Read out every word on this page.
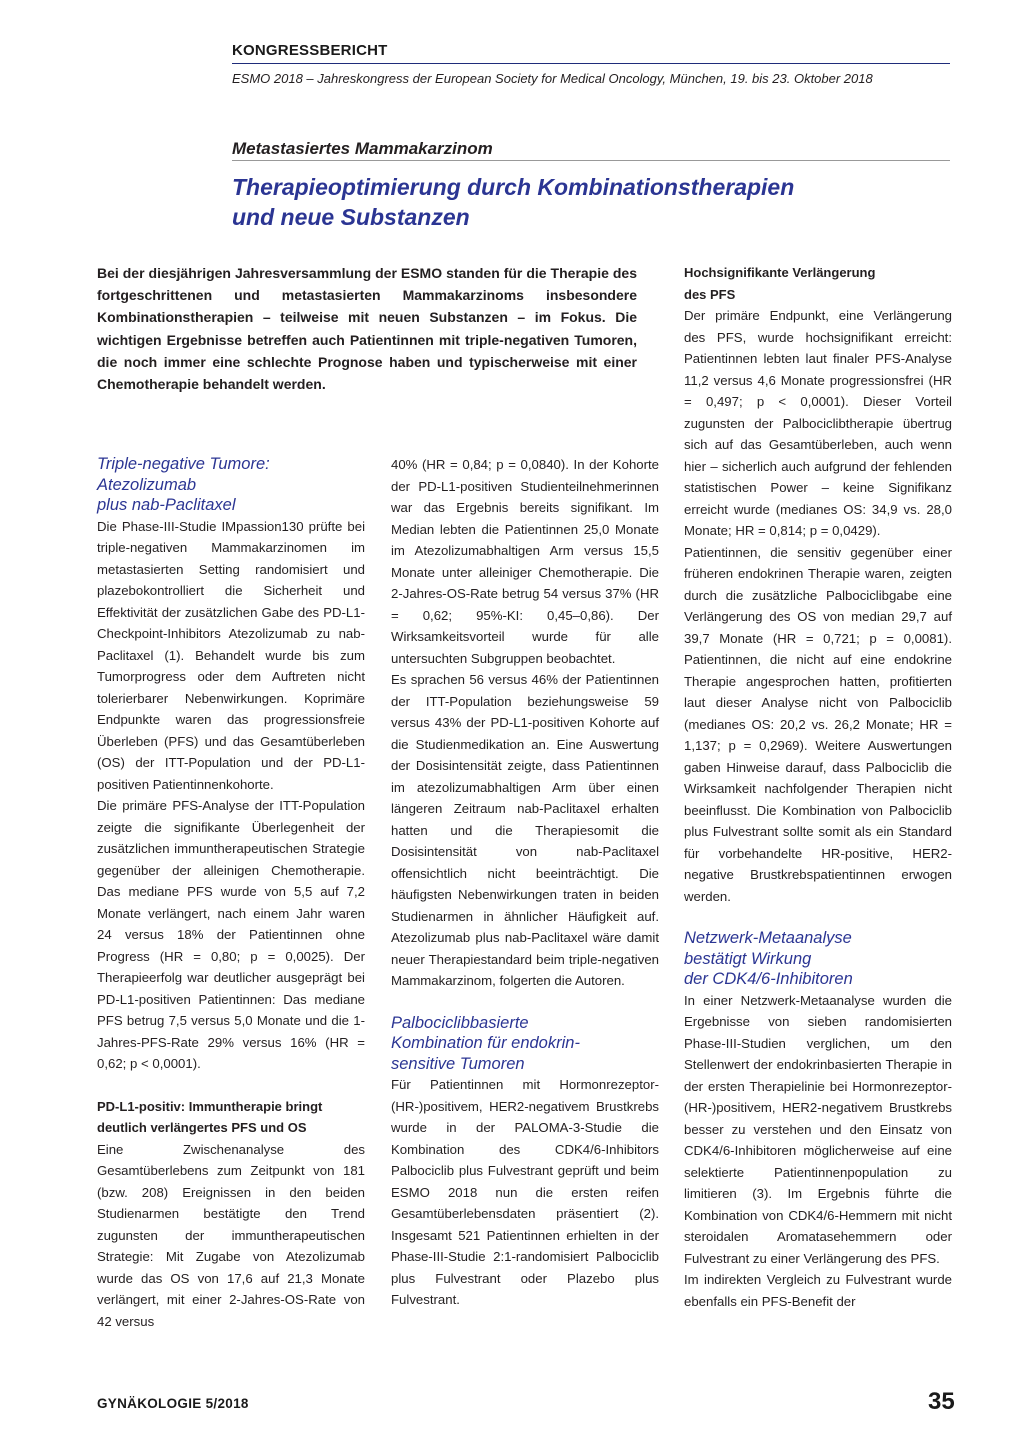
KONGRESSBERICHT
ESMO 2018 – Jahreskongress der European Society for Medical Oncology, München, 19. bis 23. Oktober 2018
Metastasiertes Mammakarzinom
Therapieoptimierung durch Kombinationstherapien
und neue Substanzen
Bei der diesjährigen Jahresversammlung der ESMO standen für die Therapie des fortgeschrittenen und metastasierten Mammakarzinoms insbesondere Kombinationstherapien – teilweise mit neuen Substanzen – im Fokus. Die wichtigen Ergebnisse betreffen auch Patientinnen mit triple-negativen Tumoren, die noch immer eine schlechte Prognose haben und typischerweise mit einer Chemotherapie behandelt werden.
Triple-negative Tumore:
Atezolizumab
plus nab-Paclitaxel

Die Phase-III-Studie IMpassion130 prüfte bei triple-negativen Mammakarzinomen im metastasierten Setting randomisiert und plazebokontrolliert die Sicherheit und Effektivität der zusätzlichen Gabe des PD-L1-Checkpoint-Inhibitors Atezolizumab zu nab-Paclitaxel (1). Behandelt wurde bis zum Tumorprogress oder dem Auftreten nicht tolerierbarer Nebenwirkungen. Koprimäre Endpunkte waren das progressionsfreie Überleben (PFS) und das Gesamtüberleben (OS) der ITT-Population und der PD-L1-positiven Patientinnenkohorte.

Die primäre PFS-Analyse der ITT-Population zeigte die signifikante Überlegenheit der zusätzlichen immuntherapeutischen Strategie gegenüber der alleinigen Chemotherapie. Das mediane PFS wurde von 5,5 auf 7,2 Monate verlängert, nach einem Jahr waren 24 versus 18% der Patientinnen ohne Progress (HR = 0,80; p = 0,0025). Der Therapieerfolg war deutlicher ausgeprägt bei PD-L1-positiven Patientinnen: Das mediane PFS betrug 7,5 versus 5,0 Monate und die 1-Jahres-PFS-Rate 29% versus 16% (HR = 0,62; p < 0,0001).

PD-L1-positiv: Immuntherapie bringt
deutlich verlängertes PFS und OS

Eine Zwischenanalyse des Gesamtüberlebens zum Zeitpunkt von 181 (bzw. 208) Ereignissen in den beiden Studienarmen bestätigte den Trend zugunsten der immuntherapeutischen Strategie: Mit Zugabe von Atezolizumab wurde das OS von 17,6 auf 21,3 Monate verlängert, mit einer 2-Jahres-OS-Rate von 42 versus

40% (HR = 0,84; p = 0,0840). In der Kohorte der PD-L1-positiven Studienteilnehmerinnen war das Ergebnis bereits signifikant. Im Median lebten die Patientinnen 25,0 Monate im Atezolizumabhaltigen Arm versus 15,5 Monate unter alleiniger Chemotherapie. Die 2-Jahres-OS-Rate betrug 54 versus 37% (HR = 0,62; 95%-KI: 0,45–0,86). Der Wirksamkeitsvorteil wurde für alle untersuchten Subgruppen beobachtet.

Es sprachen 56 versus 46% der Patientinnen der ITT-Population beziehungsweise 59 versus 43% der PD-L1-positiven Kohorte auf die Studienmedikation an. Eine Auswertung der Dosisintensität zeigte, dass Patientinnen im atezolizumabhaltigen Arm über einen längeren Zeitraum nab-Paclitaxel erhalten hatten und die Therapiesomit die Dosisintensität von nab-Paclitaxel offensichtlich nicht beeinträchtigt. Die häufigsten Nebenwirkungen traten in beiden Studienarmen in ähnlicher Häufigkeit auf. Atezolizumab plus nab-Paclitaxel wäre damit neuer Therapiestandard beim triple-negativen Mammakarzinom, folgerten die Autoren.

Palbociclibbasierte
Kombination für endokrin-
sensitive Tumoren

Für Patientinnen mit Hormonrezeptor-(HR-)positivem, HER2-negativem Brustkrebs wurde in der PALOMA-3-Studie die Kombination des CDK4/6-Inhibitors Palbociclib plus Fulvestrant geprüft und beim ESMO 2018 nun die ersten reifen Gesamtüberlebensdaten präsentiert (2). Insgesamt 521 Patientinnen erhielten in der Phase-III-Studie 2:1-randomisiert Palbociclib plus Fulvestrant oder Plazebo plus Fulvestrant.

Hochsignifikante Verlängerung
des PFS

Der primäre Endpunkt, eine Verlängerung des PFS, wurde hochsignifikant erreicht: Patientinnen lebten laut finaler PFS-Analyse 11,2 versus 4,6 Monate progressionsfrei (HR = 0,497; p < 0,0001). Dieser Vorteil zugunsten der Palbociclibtherapie übertrug sich auf das Gesamtüberleben, auch wenn hier – sicherlich auch aufgrund der fehlenden statistischen Power – keine Signifikanz erreicht wurde (medianes OS: 34,9 vs. 28,0 Monate; HR = 0,814; p = 0,0429).

Patientinnen, die sensitiv gegenüber einer früheren endokrinen Therapie waren, zeigten durch die zusätzliche Palbociclibgabe eine Verlängerung des OS von median 29,7 auf 39,7 Monate (HR = 0,721; p = 0,0081). Patientinnen, die nicht auf eine endokrine Therapie angesprochen hatten, profitierten laut dieser Analyse nicht von Palbociclib (medianes OS: 20,2 vs. 26,2 Monate; HR = 1,137; p = 0,2969). Weitere Auswertungen gaben Hinweise darauf, dass Palbociclib die Wirksamkeit nachfolgender Therapien nicht beeinflusst. Die Kombination von Palbociclib plus Fulvestrant sollte somit als ein Standard für vorbehandelte HR-positive, HER2-negative Brustkrebspatientinnen erwogen werden.

Netzwerk-Metaanalyse
bestätigt Wirkung
der CDK4/6-Inhibitoren

In einer Netzwerk-Metaanalyse wurden die Ergebnisse von sieben randomisierten Phase-III-Studien verglichen, um den Stellenwert der endokrinbasierten Therapie in der ersten Therapielinie bei Hormonrezeptor-(HR-)positivem, HER2-negativem Brustkrebs besser zu verstehen und den Einsatz von CDK4/6-Inhibitoren möglicherweise auf eine selektierte Patientinnenpopulation zu limitieren (3). Im Ergebnis führte die Kombination von CDK4/6-Hemmern mit nicht steroidalen Aromatasehemmern oder Fulvestrant zu einer Verlängerung des PFS.

Im indirekten Vergleich zu Fulvestrant wurde ebenfalls ein PFS-Benefit der

GYNÄKOLOGIE 5/2018	35
